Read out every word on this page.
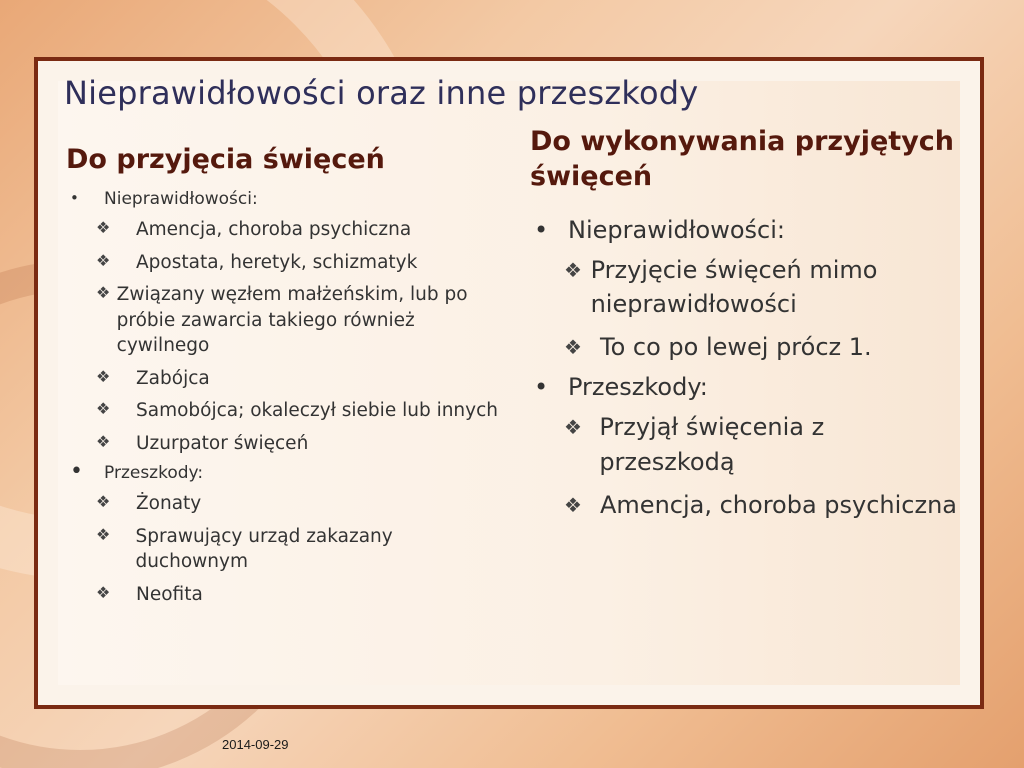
Nieprawidłowości oraz inne przeszkody
Do przyjęcia święceń
•	Nieprawidłowości:
❖	Amencja, choroba psychiczna
❖	Apostata, heretyk, schizmatyk
❖ Związany węzłem małżeńskim, lub po próbie zawarcia takiego również cywilnego
❖	Zabójca
❖	Samobójca; okaleczył siebie lub innych
❖	Uzurpator święceń
•	Przeszkody:
❖	Żonaty
❖	Sprawujący urząd zakazany duchownym
❖	Neofita
Do wykonywania przyjętych święceń
• Nieprawidłowości:
❖ Przyjęcie święceń mimo nieprawidłowości
❖ To co po lewej prócz 1.
• Przeszkody:
❖ Przyjął święcenia z przeszkodą
❖ Amencja, choroba psychiczna
2014-09-29
